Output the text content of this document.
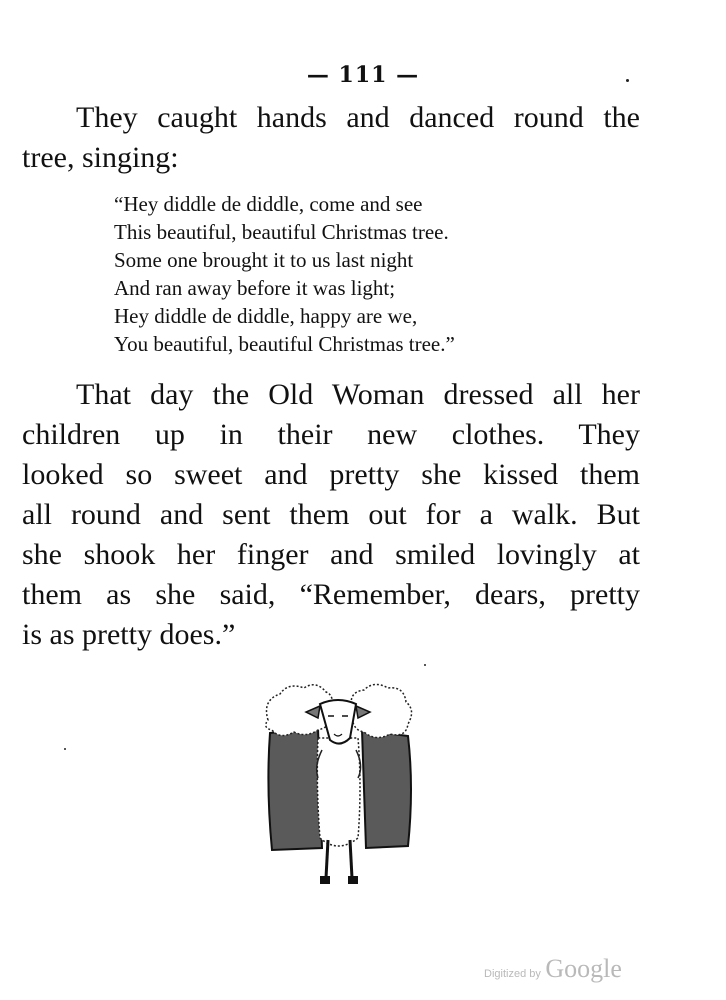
— 111 —

They caught hands and danced round the
tree, singing:

“Hey diddle de diddle, come and see
This beautiful, beautiful Christmas tree.
Some one brought it to us last night
And ran away before it was light;
Hey diddle de diddle, happy are we,
You beautiful, beautiful Christmas tree.”

That day the Old Woman dressed all her
children up in their new clothes. They
looked so sweet and pretty she kissed them
all round and sent them out for a walk. But
she shook her finger and smiled lovingly at
them as she said, “Remember, dears, pretty
is as pretty does.”

Digitized by Google
